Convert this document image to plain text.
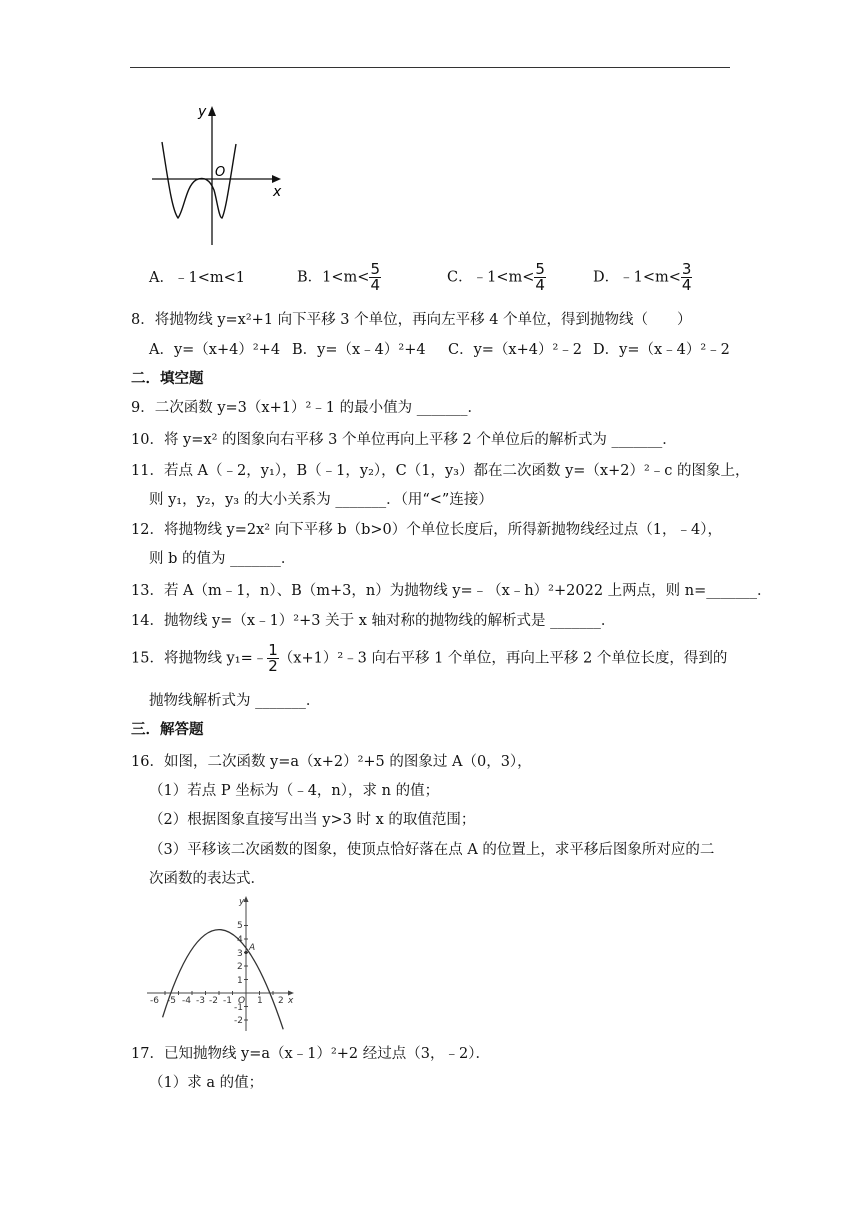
y
O
x
A．﹣1<m<1	B．$1<m< \frac{5}{4}$	C．﹣1<m< $\frac{5}{4}$	D．﹣1<m< $\frac{3}{4}$
8．将抛物线 y=x²+1 向下平移 3 个单位，再向左平移 4 个单位，得到抛物线（　　）
A．y=（x+4）²+4 B．y=（x﹣4）²+4 C．y=（x+4）²﹣2 D．y=（x﹣4）²﹣2
二．填空题
9．二次函数 y=3（x+1）²﹣1 的最小值为 _______．
10．将 y=x² 的图象向右平移 3 个单位再向上平移 2 个单位后的解析式为 _______．
11．若点 A（﹣2，y₁），B（﹣1，y₂），C（1，y₃）都在二次函数 y=（x+2）²﹣c 的图象上，
则 y₁，y₂，y₃ 的大小关系为 _______．（用“<”连接）
12．将抛物线 y=2x² 向下平移 b（b>0）个单位长度后，所得新抛物线经过点（1，﹣4），
则 b 的值为 _______．
13．若 A（m﹣1，n）、B（m+3，n）为抛物线 y=﹣（x﹣h）²+2022 上两点，则 n=_______．
14．抛物线 y=（x﹣1）²+3 关于 x 轴对称的抛物线的解析式是 _______．
15．将抛物线 y₁=﹣ $\frac{1}{2}$ （x+1）²﹣3 向右平移 1 个单位，再向上平移 2 个单位长度，得到的
抛物线解析式为 _______．
三．解答题
16．如图，二次函数 y=a（x+2）²+5 的图象过 A（0，3），
（1）若点 P 坐标为（﹣4，n），求 n 的值；
（2）根据图象直接写出当 y>3 时 x 的取值范围；
（3）平移该二次函数的图象，使顶点恰好落在点 A 的位置上，求平移后图象所对应的二
次函数的表达式．
-6 -5 -4 -3 -2 -1 O 1 2 x
y
5
4
3
2
1
-1
-2
A
17．已知抛物线 y=a（x﹣1）²+2 经过点（3，﹣2）．
（1）求 a 的值；
